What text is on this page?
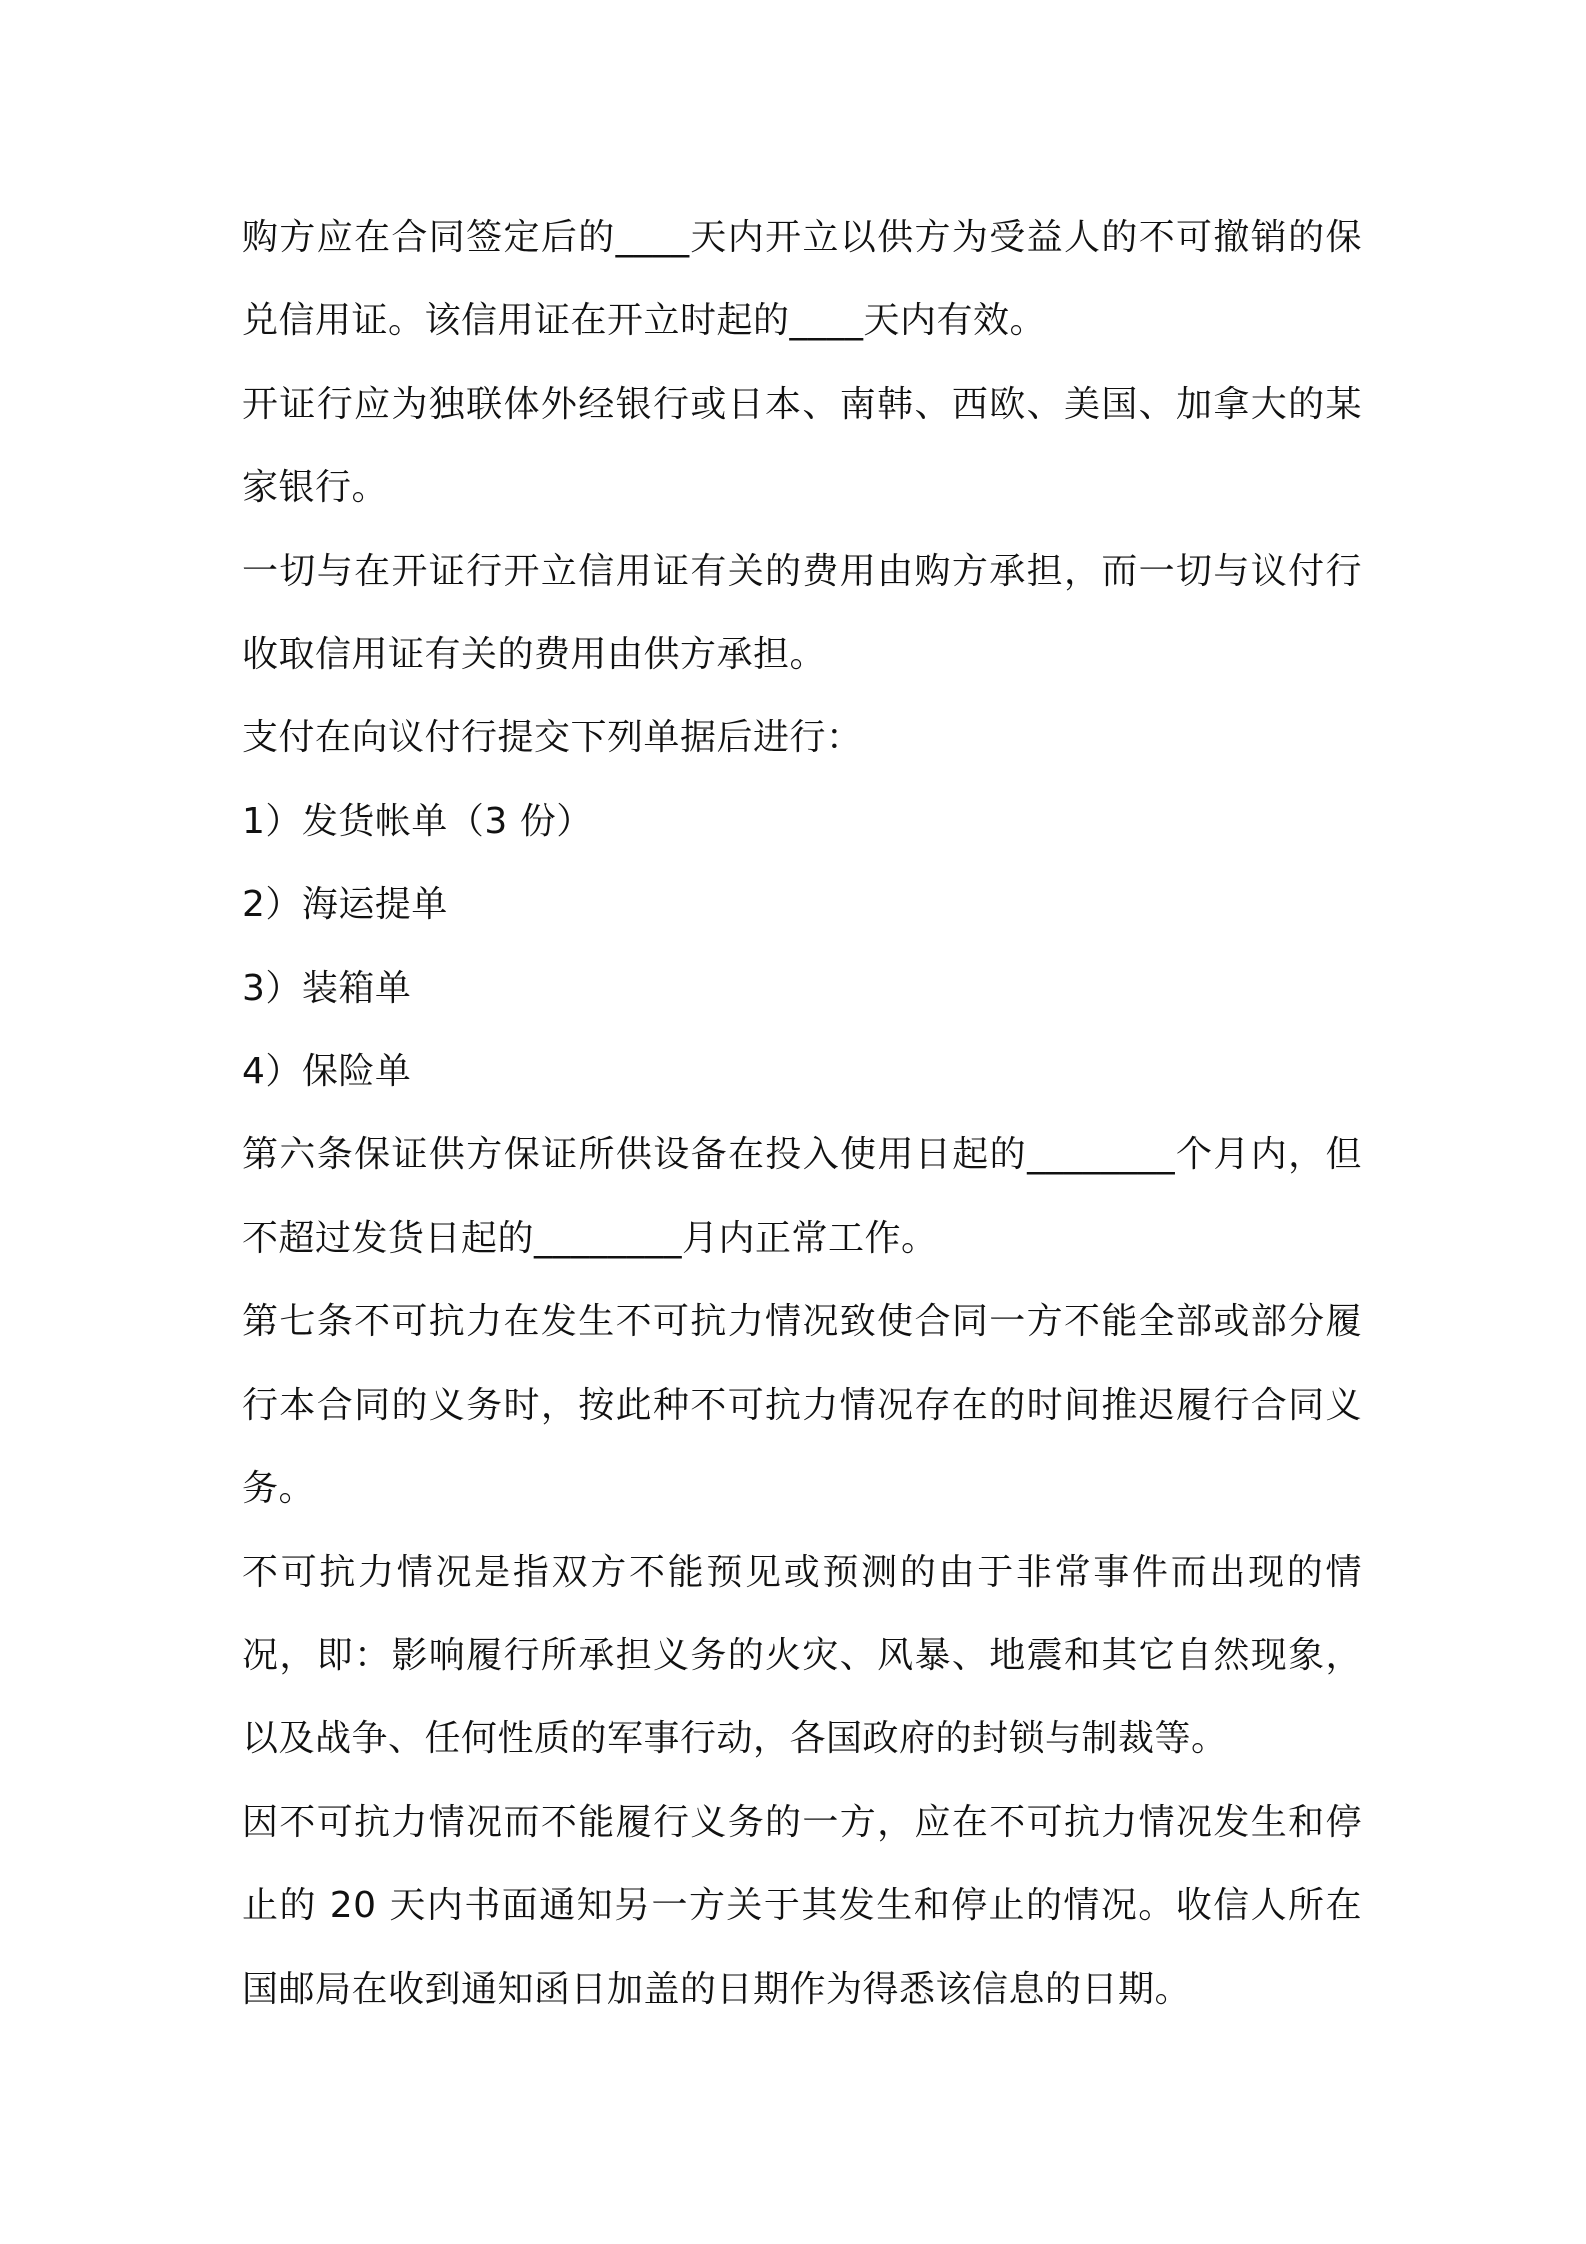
购方应在合同签定后的____天内开立以供方为受益人的不可撤销的保兑信用证。该信用证在开立时起的____天内有效。

开证行应为独联体外经银行或日本、南韩、西欧、美国、加拿大的某家银行。

一切与在开证行开立信用证有关的费用由购方承担，而一切与议付行收取信用证有关的费用由供方承担。

支付在向议付行提交下列单据后进行：

1）发货帐单（3 份）

2）海运提单

3）装箱单

4）保险单

第六条保证供方保证所供设备在投入使用日起的________个月内，但不超过发货日起的________月内正常工作。

第七条不可抗力在发生不可抗力情况致使合同一方不能全部或部分履行本合同的义务时，按此种不可抗力情况存在的时间推迟履行合同义务。

不可抗力情况是指双方不能预见或预测的由于非常事件而出现的情况，即：影响履行所承担义务的火灾、风暴、地震和其它自然现象，以及战争、任何性质的军事行动，各国政府的封锁与制裁等。

因不可抗力情况而不能履行义务的一方，应在不可抗力情况发生和停止的 20 天内书面通知另一方关于其发生和停止的情况。收信人所在国邮局在收到通知函日加盖的日期作为得悉该信息的日期。
